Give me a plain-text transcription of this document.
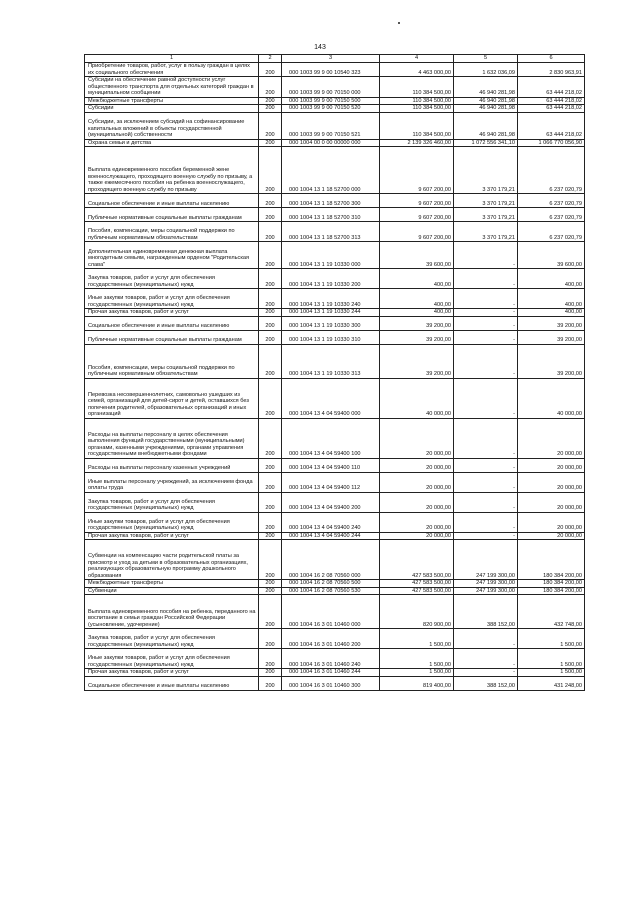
143
1	2	3	4	5	6
Приобретение товаров, работ, услуг в пользу граждан в целях их социального обеспечения	200	000 1003 99 9 00 10540 323	4 463 000,00	1 632 036,09	2 830 963,91
Субсидии на обеспечение равной доступности услуг общественного транспорта для отдельных категорий граждан в муниципальном сообщении	200	000 1003 99 9 00 70150 000	110 384 500,00	46 940 281,98	63 444 218,02
Межбюджетные трансферты	200	000 1003 99 9 00 70150 500	110 384 500,00	46 940 281,98	63 444 218,02
Субсидии	200	000 1003 99 9 00 70150 520	110 384 500,00	46 940 281,98	63 444 218,02
Субсидии, за исключением субсидий на софинансирование капитальных вложений в объекты государственной (муниципальной) собственности	200	000 1003 99 9 00 70150 521	110 384 500,00	46 940 281,98	63 444 218,02
Охрана семьи и детства	200	000 1004 00 0 00 00000 000	2 139 326 460,00	1 072 556 341,10	1 066 770 056,90
Выплата единовременного пособия беременной жене военнослужащего, проходящего военную службу по призыву, а также ежемесячного пособия на ребенка военнослужащего, проходящего военную службу по призыву	200	000 1004 13 1 18 52700 000	9 607 200,00	3 370 179,21	6 237 020,79
Социальное обеспечение и иные выплаты населению	200	000 1004 13 1 18 52700 300	9 607 200,00	3 370 179,21	6 237 020,79
Публичные нормативные социальные выплаты гражданам	200	000 1004 13 1 18 52700 310	9 607 200,00	3 370 179,21	6 237 020,79
Пособия, компенсации, меры социальной поддержки по публичным нормативным обязательствам	200	000 1004 13 1 18 52700 313	9 607 200,00	3 370 179,21	6 237 020,79
Дополнительная единовременная денежная выплата многодетным семьям, награжденным орденом "Родительская слава"	200	000 1004 13 1 19 10330 000	39 600,00	-	39 600,00
Закупка товаров, работ и услуг для обеспечения государственных (муниципальных) нужд	200	000 1004 13 1 19 10330 200	400,00	-	400,00
Иные закупки товаров, работ и услуг для обеспечения государственных (муниципальных) нужд	200	000 1004 13 1 19 10330 240	400,00	-	400,00
Прочая закупка товаров, работ и услуг	200	000 1004 13 1 19 10330 244	400,00	-	400,00
Социальное обеспечение и иные выплаты населению	200	000 1004 13 1 19 10330 300	39 200,00	-	39 200,00
Публичные нормативные социальные выплаты гражданам	200	000 1004 13 1 19 10330 310	39 200,00	-	39 200,00
Пособия, компенсации, меры социальной поддержки по публичным нормативным обязательствам	200	000 1004 13 1 19 10330 313	39 200,00	-	39 200,00
Перевозка несовершеннолетних, самовольно ушедших из семей, организаций для детей-сирот и детей, оставшихся без попечения родителей, образовательных организаций и иных организаций	200	000 1004 13 4 04 59400 000	40 000,00	-	40 000,00
Расходы на выплаты персоналу в целях обеспечения выполнения функций государственными (муниципальными) органами, казенными учреждениями, органами управления государственными внебюджетными фондами	200	000 1004 13 4 04 59400 100	20 000,00	-	20 000,00
Расходы на выплаты персоналу казенных учреждений	200	000 1004 13 4 04 59400 110	20 000,00	-	20 000,00
Иные выплаты персоналу учреждений, за исключением фонда оплаты труда	200	000 1004 13 4 04 59400 112	20 000,00	-	20 000,00
Закупка товаров, работ и услуг для обеспечения государственных (муниципальных) нужд	200	000 1004 13 4 04 59400 200	20 000,00	-	20 000,00
Иные закупки товаров, работ и услуг для обеспечения государственных (муниципальных) нужд	200	000 1004 13 4 04 59400 240	20 000,00	-	20 000,00
Прочая закупка товаров, работ и услуг	200	000 1004 13 4 04 59400 244	20 000,00	-	20 000,00
Субвенции на компенсацию части родительской платы за присмотр и уход за детьми в образовательных организациях, реализующих образовательную программу дошкольного образования	200	000 1004 16 2 08 70560 000	427 583 500,00	247 199 300,00	180 384 200,00
Межбюджетные трансферты	200	000 1004 16 2 08 70560 500	427 583 500,00	247 199 300,00	180 384 200,00
Субвенции	200	000 1004 16 2 08 70560 530	427 583 500,00	247 199 300,00	180 384 200,00
Выплата единовременного пособия на ребенка, переданного на воспитание в семьи граждан Российской Федерации (усыновление, удочерение)	200	000 1004 16 3 01 10460 000	820 900,00	388 152,00	432 748,00
Закупка товаров, работ и услуг для обеспечения государственных (муниципальных) нужд	200	000 1004 16 3 01 10460 200	1 500,00	-	1 500,00
Иные закупки товаров, работ и услуг для обеспечения государственных (муниципальных) нужд	200	000 1004 16 3 01 10460 240	1 500,00	-	1 500,00
Прочая закупка товаров, работ и услуг	200	000 1004 16 3 01 10460 244	1 500,00	-	1 500,00
Социальное обеспечение и иные выплаты населению	200	000 1004 16 3 01 10460 300	819 400,00	388 152,00	431 248,00
